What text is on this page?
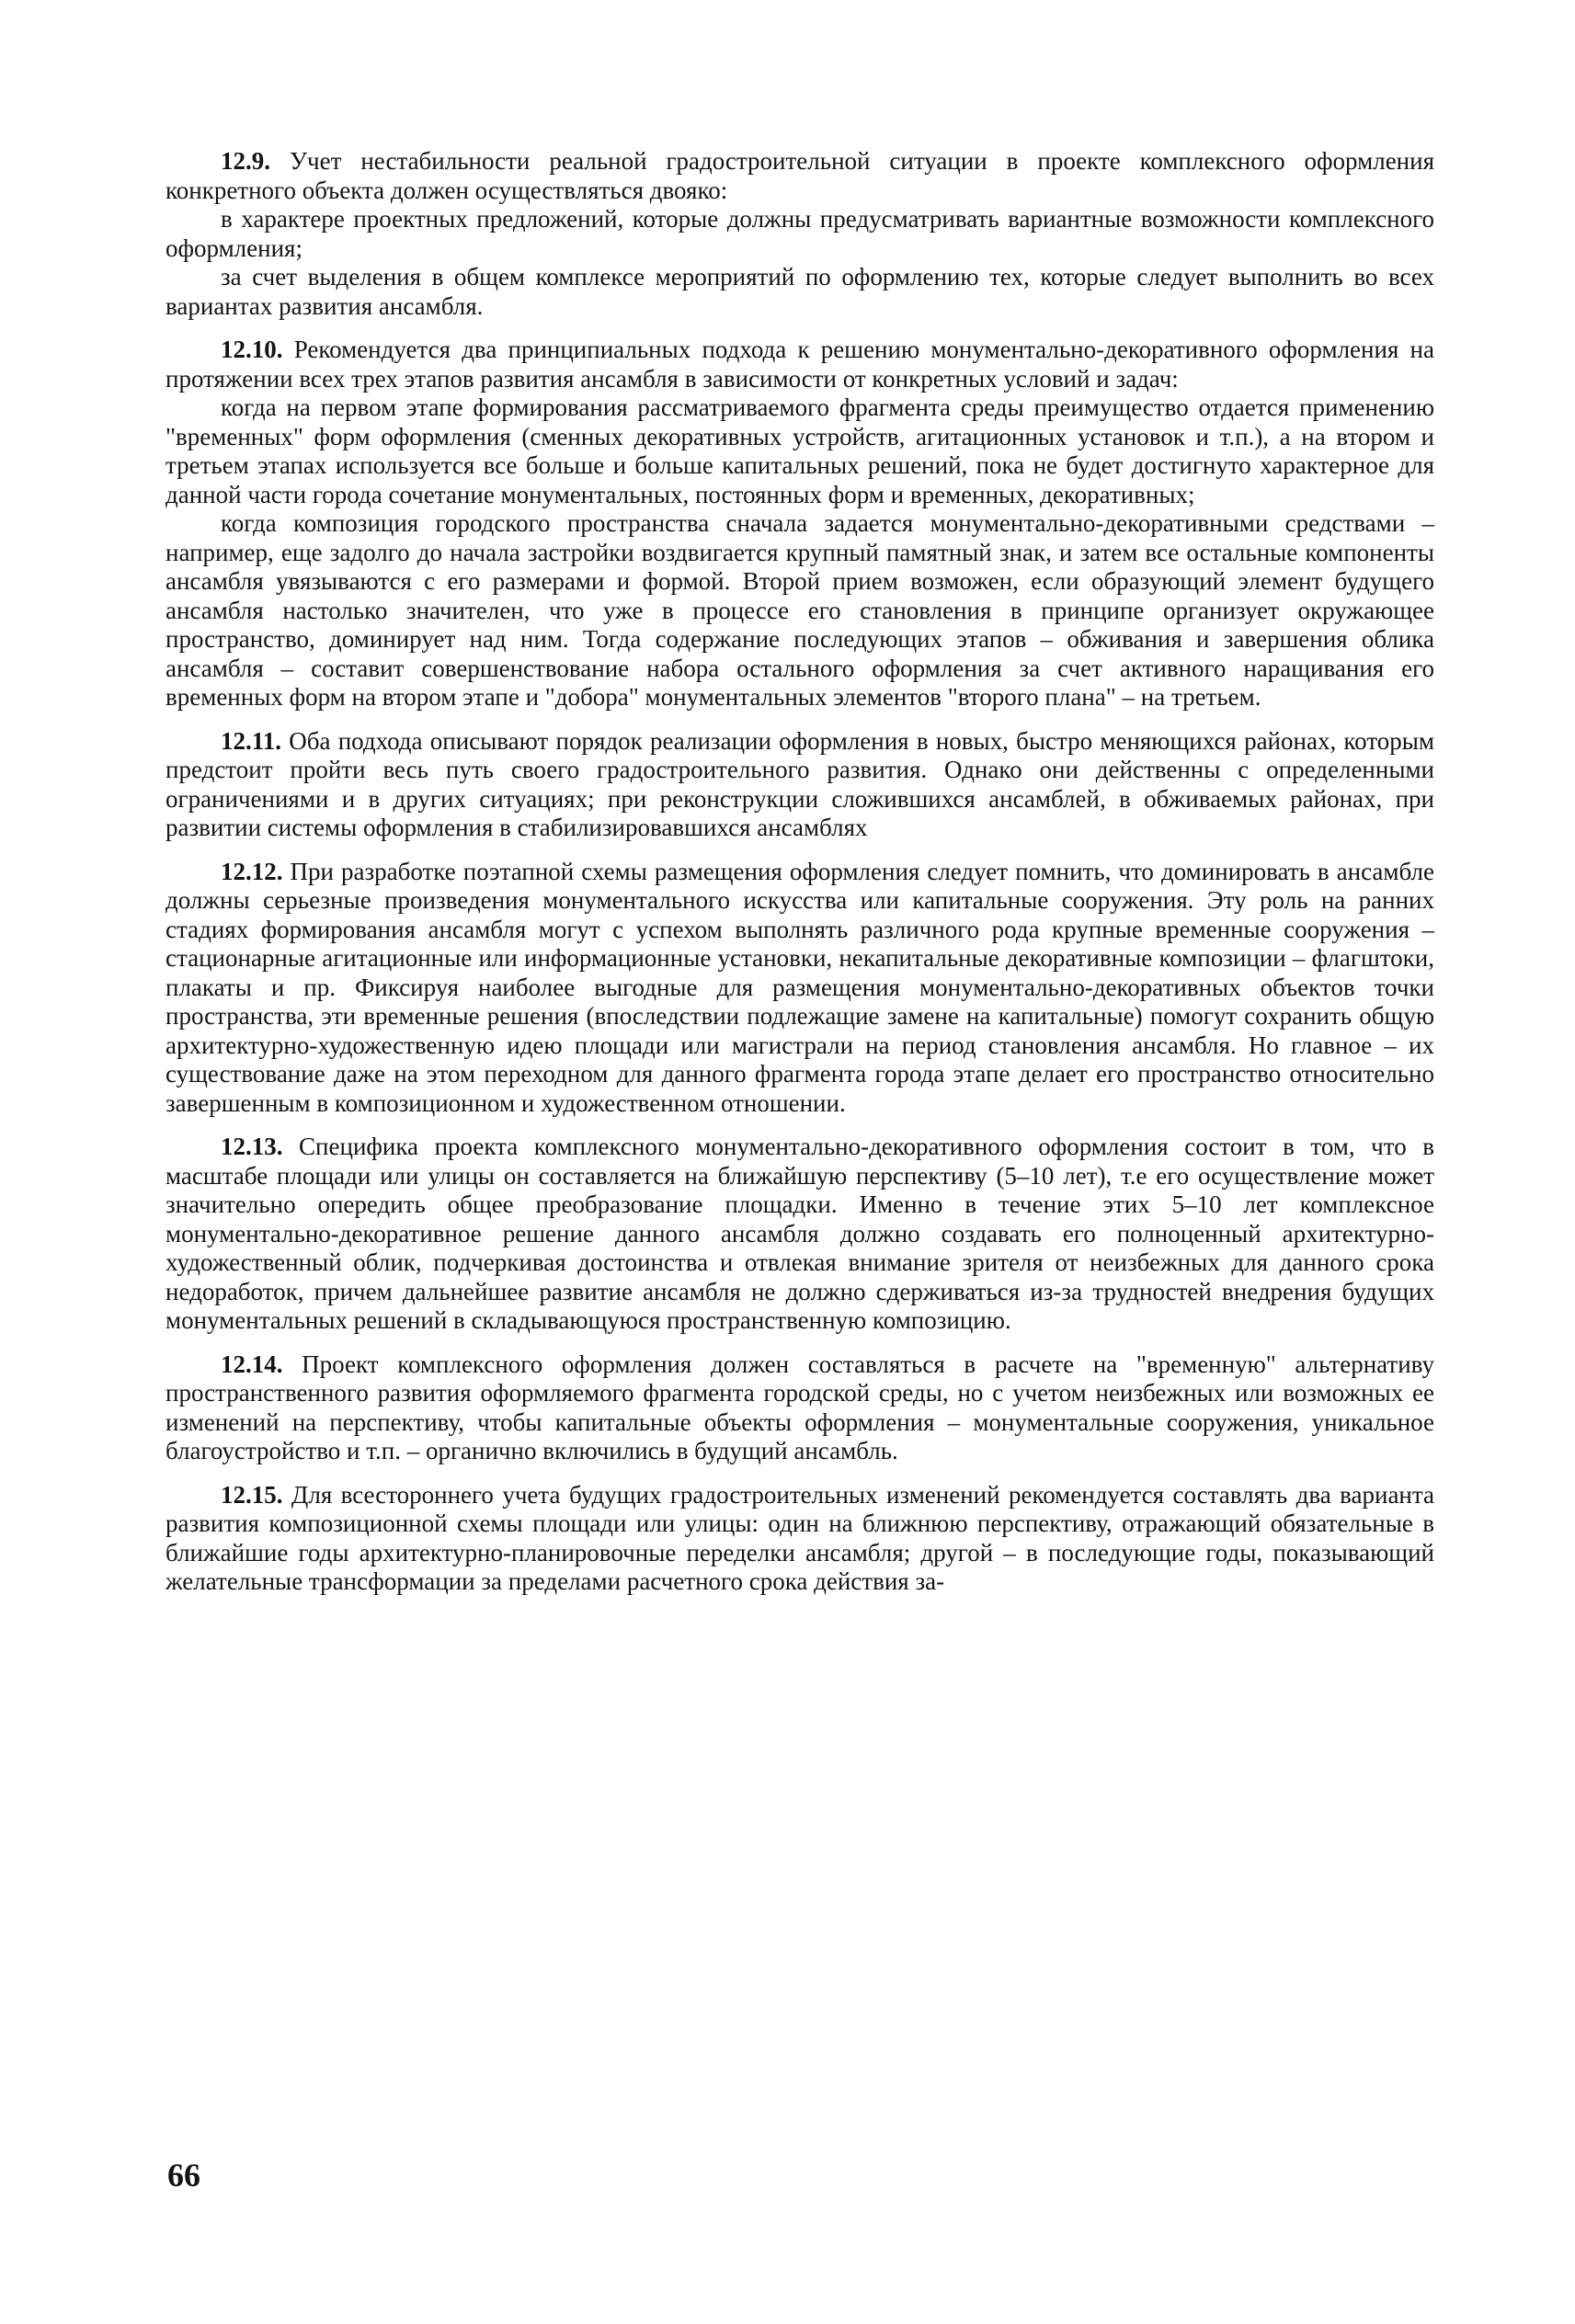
12.9. Учет нестабильности реальной градостроительной ситуации в проекте комплексного оформления конкретного объекта должен осуществляться двояко:

в характере проектных предложений, которые должны предусматривать вариантные возможности комплексного оформления;

за счет выделения в общем комплексе мероприятий по оформлению тех, которые следует выполнить во всех вариантах развития ансамбля.

12.10. Рекомендуется два принципиальных подхода к решению монументально-декоративного оформления на протяжении всех трех этапов развития ансамбля в зависимости от конкретных условий и задач:

когда на первом этапе формирования рассматриваемого фрагмента среды преимущество отдается применению "временных" форм оформления (сменных декоративных устройств, агитационных установок и т.п.), а на втором и третьем этапах используется все больше и больше капитальных решений, пока не будет достигнуто характерное для данной части города сочетание монументальных, постоянных форм и временных, декоративных;

когда композиция городского пространства сначала задается монументально-декоративными средствами – например, еще задолго до начала застройки воздвигается крупный памятный знак, и затем все остальные компоненты ансамбля увязываются с его размерами и формой. Второй прием возможен, если образующий элемент будущего ансамбля настолько значителен, что уже в процессе его становления в принципе организует окружающее пространство, доминирует над ним. Тогда содержание последующих этапов – обживания и завершения облика ансамбля – составит совершенствование набора остального оформления за счет активного наращивания его временных форм на втором этапе и "добора" монументальных элементов "второго плана" – на третьем.

12.11. Оба подхода описывают порядок реализации оформления в новых, быстро меняющихся районах, которым предстоит пройти весь путь своего градостроительного развития. Однако они действенны с определенными ограничениями и в других ситуациях; при реконструкции сложившихся ансамблей, в обживаемых районах, при развитии системы оформления в стабилизировавшихся ансамблях

12.12. При разработке поэтапной схемы размещения оформления следует помнить, что доминировать в ансамбле должны серьезные произведения монументального искусства или капитальные сооружения. Эту роль на ранних стадиях формирования ансамбля могут с успехом выполнять различного рода крупные временные сооружения – стационарные агитационные или информационные установки, некапитальные декоративные композиции – флагштоки, плакаты и пр. Фиксируя наиболее выгодные для размещения монументально-декоративных объектов точки пространства, эти временные решения (впоследствии подлежащие замене на капитальные) помогут сохранить общую архитектурно-художественную идею площади или магистрали на период становления ансамбля. Но главное – их существование даже на этом переходном для данного фрагмента города этапе делает его пространство относительно завершенным в композиционном и художественном отношении.

12.13. Специфика проекта комплексного монументально-декоративного оформления состоит в том, что в масштабе площади или улицы он составляется на ближайшую перспективу (5–10 лет), т.е его осуществление может значительно опередить общее преобразование площадки. Именно в течение этих 5–10 лет комплексное монументально-декоративное решение данного ансамбля должно создавать его полноценный архитектурно-художественный облик, подчеркивая достоинства и отвлекая внимание зрителя от неизбежных для данного срока недоработок, причем дальнейшее развитие ансамбля не должно сдерживаться из-за трудностей внедрения будущих монументальных решений в складывающуюся пространственную композицию.

12.14. Проект комплексного оформления должен составляться в расчете на "временную" альтернативу пространственного развития оформляемого фрагмента городской среды, но с учетом неизбежных или возможных ее изменений на перспективу, чтобы капитальные объекты оформления – монументальные сооружения, уникальное благоустройство и т.п. – органично включились в будущий ансамбль.

12.15. Для всестороннего учета будущих градостроительных изменений рекомендуется составлять два варианта развития композиционной схемы площади или улицы: один на ближнюю перспективу, отражающий обязательные в ближайшие годы архитектурно-планировочные переделки ансамбля; другой – в последующие годы, показывающий желательные трансформации за пределами расчетного срока действия за-

66
